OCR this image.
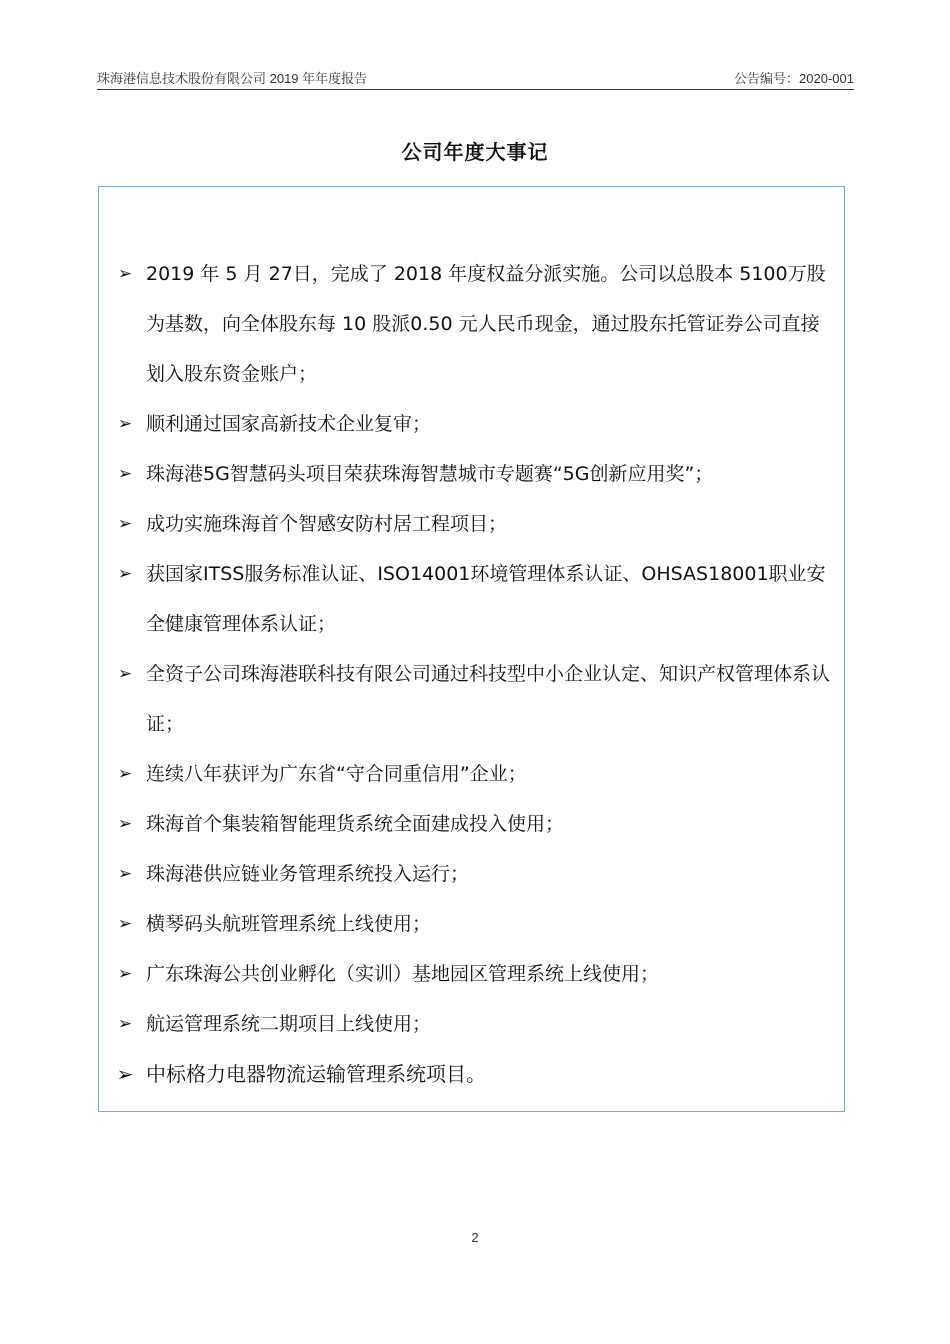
珠海港信息技术股份有限公司 2019 年年度报告	公告编号：2020-001
公司年度大事记
➢ 2019 年 5 月 27日，完成了 2018 年度权益分派实施。公司以总股本 5100万股为基数，向全体股东每 10 股派0.50 元人民币现金，通过股东托管证券公司直接划入股东资金账户；
➢ 顺利通过国家高新技术企业复审；
➢ 珠海港5G智慧码头项目荣获珠海智慧城市专题赛“5G创新应用奖”；
➢ 成功实施珠海首个智感安防村居工程项目；
➢ 获国家ITSS服务标准认证、ISO14001环境管理体系认证、OHSAS18001职业安全健康管理体系认证；
➢ 全资子公司珠海港联科技有限公司通过科技型中小企业认定、知识产权管理体系认证；
➢ 连续八年获评为广东省“守合同重信用”企业；
➢ 珠海首个集装箱智能理货系统全面建成投入使用；
➢ 珠海港供应链业务管理系统投入运行；
➢ 横琴码头航班管理系统上线使用；
➢ 广东珠海公共创业孵化（实训）基地园区管理系统上线使用；
➢ 航运管理系统二期项目上线使用；
➢ 中标格力电器物流运输管理系统项目。
2
